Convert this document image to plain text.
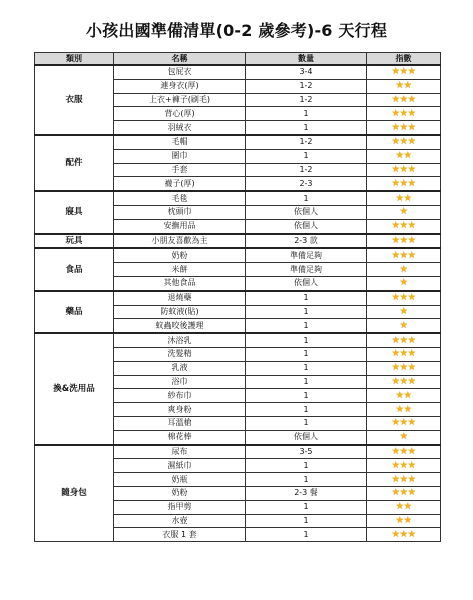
小孩出國準備清單(0-2 歲參考)-6 天行程
類別	名稱	數量	指數
衣服	包屁衣	3-4	★★★
	連身衣(厚)	1-2	★★
	上衣+褲子(刷毛)	1-2	★★★
	背心(厚)	1	★★★
	羽絨衣	1	★★★
配件	毛帽	1-2	★★★
	圍巾	1	★★
	手套	1-2	★★★
	襪子(厚)	2-3	★★★
寢具	毛毯	1	★★
	枕頭巾	依個人	★
	安撫用品	依個人	★★★
玩具	小朋友喜歡為主	2-3 款	★★★
食品	奶粉	準備足夠	★★★
	米餅	準備足夠	★
	其他食品	依個人	★
藥品	退燒藥	1	★★★
	防蚊液(貼)	1	★
	蚊蟲咬後護理	1	★
換&洗用品	沐浴乳	1	★★★
	洗髮精	1	★★★
	乳液	1	★★★
	浴巾	1	★★★
	紗布巾	1	★★
	爽身粉	1	★★
	耳溫槍	1	★★★
	棉花棒	依個人	★
隨身包	尿布	3-5	★★★
	濕紙巾	1	★★★
	奶瓶	1	★★★
	奶粉	2-3 餐	★★★
	指甲剪	1	★★
	水壺	1	★★
	衣服 1 套	1	★★★
